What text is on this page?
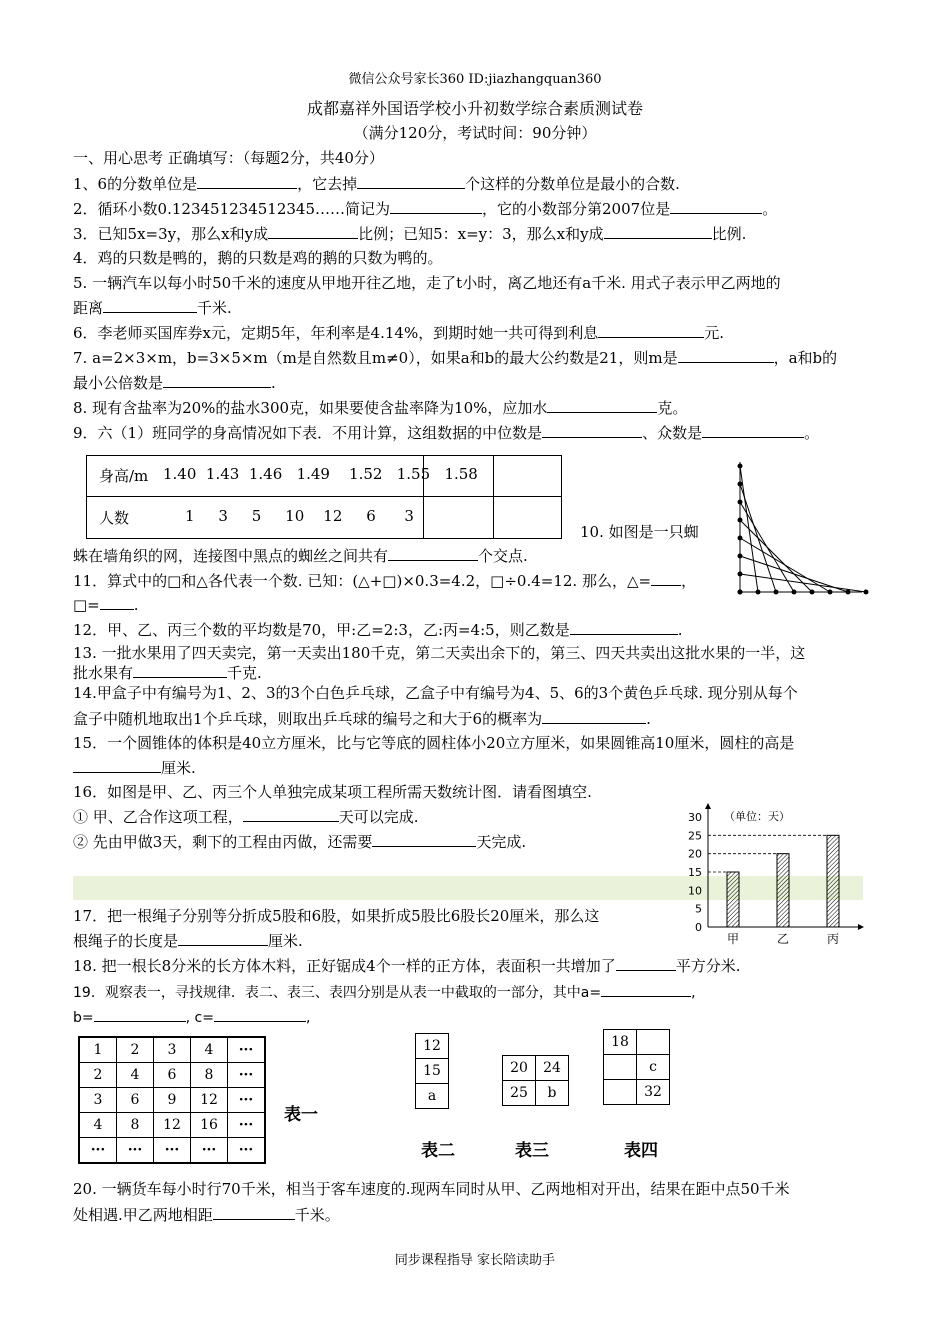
微信公众号家长360 ID:jiazhangquan360
成都嘉祥外国语学校小升初数学综合素质测试卷
（满分120分，考试时间：90分钟）
一、用心思考 正确填写：（每题2分，共40分）
1、6的分数单位是	，它去掉	个这样的分数单位是最小的合数.
2．循环小数0.123451234512345……简记为	，它的小数部分第2007位是	。
3．已知5x=3y，那么x和y成	比例；已知5：x=y：3，那么x和y成	比例.
4．鸡的只数是鸭的，鹅的只数是鸡的鹅的只数为鸭的。
5. 一辆汽车以每小时50千米的速度从甲地开往乙地，走了t小时，离乙地还有a千米. 用式子表示甲乙两地的
距离	千米.
6．李老师买国库券x元，定期5年，年利率是4.14%，到期时她一共可得到利息	元.
7. a=2×3×m，b=3×5×m（m是自然数且m≠0），如果a和b的最大公约数是21，则m是	，a和b的
最小公倍数是	.
8. 现有含盐率为20%的盐水300克，如果要使含盐率降为10%，应加水	克。
9．六（1）班同学的身高情况如下表．不用计算，这组数据的中位数是	、众数是	。
身高/m 1.40  1.43  1.46   1.49    1.52   1.55   1.58
人数	1     3     5     10    12     6      3
10. 如图是一只蜘
蛛在墙角织的网，连接图中黑点的蜘丝之间共有	个交点.
11．算式中的□和△各代表一个数. 已知：(△+□)×0.3=4.2，□÷0.4=12. 那么，△= ，
□= .
12．甲、乙、丙三个数的平均数是70，甲:乙=2:3，乙:丙=4:5，则乙数是	.
13. 一批水果用了四天卖完，第一天卖出180千克，第二天卖出余下的，第三、四天共卖出这批水果的一半，这
批水果有	千克.
14.甲盒子中有编号为1、2、3的3个白色乒乓球，乙盒子中有编号为4、5、6的3个黄色乒乓球. 现分别从每个
盒子中随机地取出1个乒乓球，则取出乒乓球的编号之和大于6的概率为	.
15．一个圆锥体的体积是40立方厘米，比与它等底的圆柱体小20立方厘米，如果圆锥高10厘米，圆柱的高是
厘米.
16．如图是甲、乙、丙三个人单独完成某项工程所需天数统计图．请看图填空.
① 甲、乙合作这项工程，	天可以完成.
② 先由甲做3天，剩下的工程由丙做，还需要	天完成.
0
5
10
15
20
25
30 （单位：天）
甲	乙	丙
17．把一根绳子分别等分折成5股和6股，如果折成5股比6股长20厘米，那么这
根绳子的长度是	厘米.
18. 把一根长8分米的长方体木料，正好锯成4个一样的正方体，表面积一共增加了	平方分米.
19．观察表一，寻找规律．表二、表三、表四分别是从表一中截取的一部分，其中a=	,
b=	, c=	,
1	2	3	4	···
2	4	6	8	···
3	6	9	12	···
4	8	12	16	···
···	···	···	···	···
表一
12
15
a
20	24
25	b
18	
	c
	32
表二	表三	表四
20. 一辆货车每小时行70千米，相当于客车速度的.现两车同时从甲、乙两地相对开出，结果在距中点50千米
处相遇.甲乙两地相距	千米。
同步课程指导 家长陪读助手
